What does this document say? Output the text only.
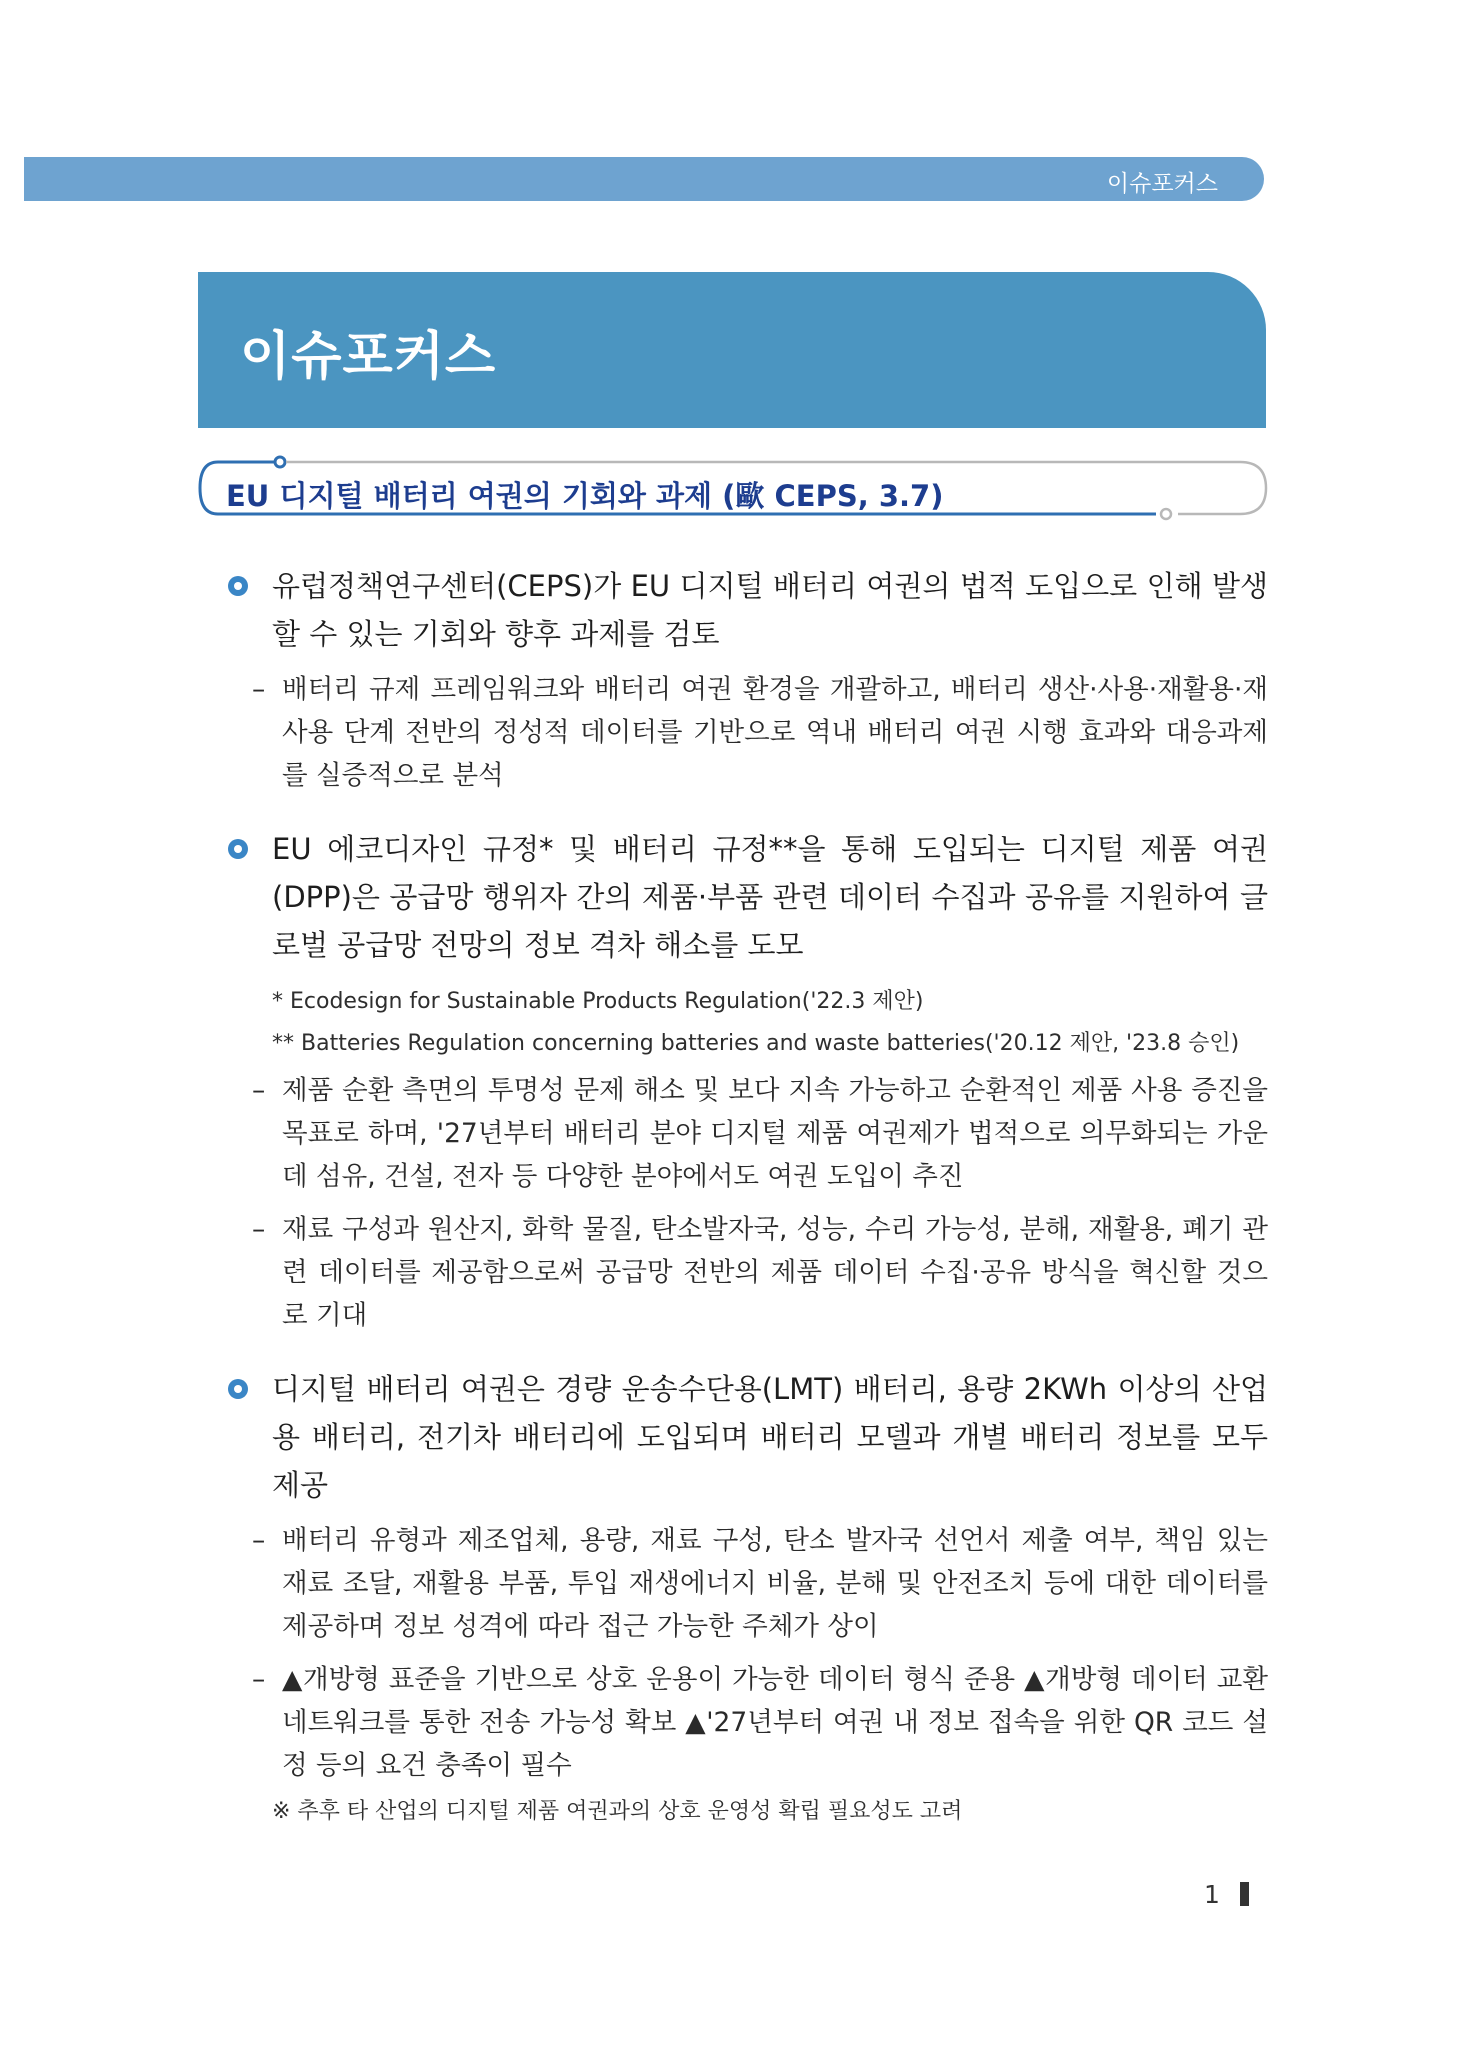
이슈포커스
이슈포커스
EU 디지털 배터리 여권의 기회와 과제 (歐 CEPS, 3.7)
유럽정책연구센터(CEPS)가 EU 디지털 배터리 여권의 법적 도입으로 인해 발생할 수 있는 기회와 향후 과제를 검토
– 배터리 규제 프레임워크와 배터리 여권 환경을 개괄하고, 배터리 생산·사용·재활용·재사용 단계 전반의 정성적 데이터를 기반으로 역내 배터리 여권 시행 효과와 대응과제를 실증적으로 분석
EU 에코디자인 규정* 및 배터리 규정**을 통해 도입되는 디지털 제품 여권(DPP)은 공급망 행위자 간의 제품·부품 관련 데이터 수집과 공유를 지원하여 글로벌 공급망 전망의 정보 격차 해소를 도모
* Ecodesign for Sustainable Products Regulation('22.3 제안)
** Batteries Regulation concerning batteries and waste batteries('20.12 제안, '23.8 승인)
– 제품 순환 측면의 투명성 문제 해소 및 보다 지속 가능하고 순환적인 제품 사용 증진을 목표로 하며, '27년부터 배터리 분야 디지털 제품 여권제가 법적으로 의무화되는 가운데 섬유, 건설, 전자 등 다양한 분야에서도 여권 도입이 추진
– 재료 구성과 원산지, 화학 물질, 탄소발자국, 성능, 수리 가능성, 분해, 재활용, 폐기 관련 데이터를 제공함으로써 공급망 전반의 제품 데이터 수집·공유 방식을 혁신할 것으로 기대
디지털 배터리 여권은 경량 운송수단용(LMT) 배터리, 용량 2KWh 이상의 산업용 배터리, 전기차 배터리에 도입되며 배터리 모델과 개별 배터리 정보를 모두 제공
– 배터리 유형과 제조업체, 용량, 재료 구성, 탄소 발자국 선언서 제출 여부, 책임 있는 재료 조달, 재활용 부품, 투입 재생에너지 비율, 분해 및 안전조치 등에 대한 데이터를 제공하며 정보 성격에 따라 접근 가능한 주체가 상이
– ▲개방형 표준을 기반으로 상호 운용이 가능한 데이터 형식 준용 ▲개방형 데이터 교환 네트워크를 통한 전송 가능성 확보 ▲'27년부터 여권 내 정보 접속을 위한 QR 코드 설정 등의 요건 충족이 필수
※ 추후 타 산업의 디지털 제품 여권과의 상호 운영성 확립 필요성도 고려
1
